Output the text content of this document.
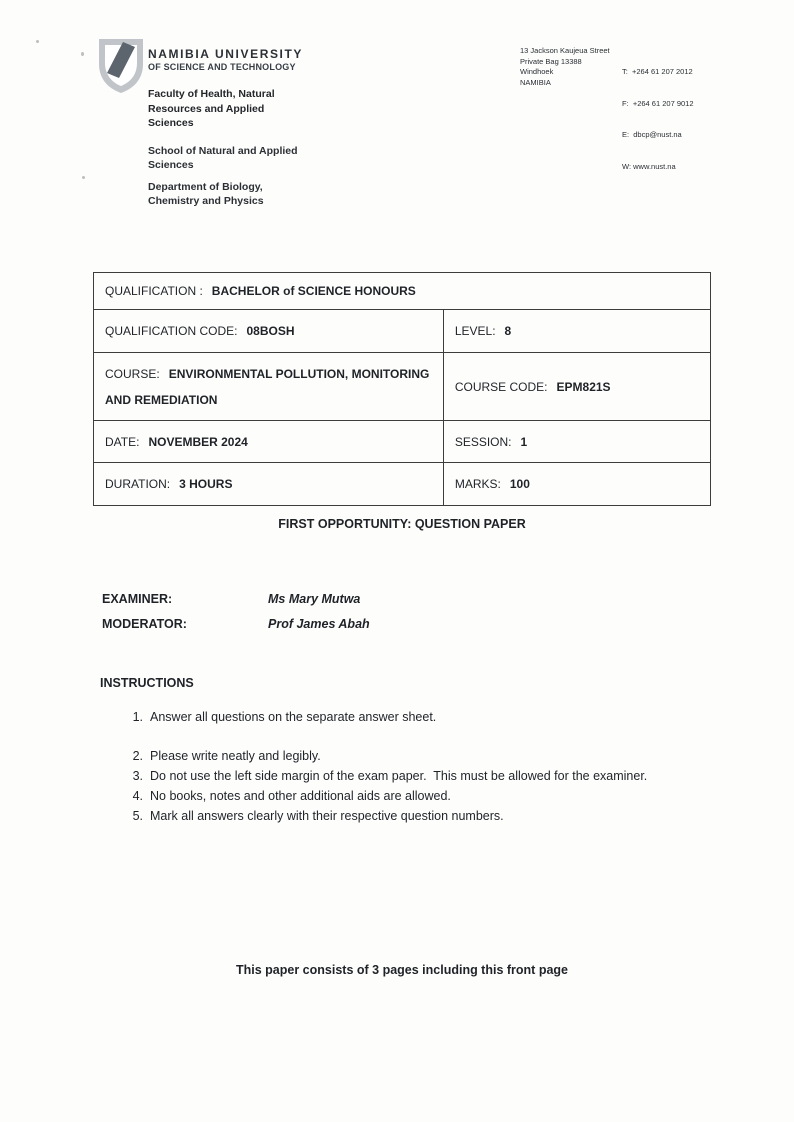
NAMIBIA UNIVERSITY
OF SCIENCE AND TECHNOLOGY
Faculty of Health, Natural Resources and Applied Sciences
School of Natural and Applied Sciences
Department of Biology, Chemistry and Physics
13 Jackson Kaujeua Street
Private Bag 13388
Windhoek
NAMIBIA

T:  +264 61 207 2012

F:  +264 61 207 9012

E:  dbcp@nust.na

W: www.nust.na

QUALIFICATION : BACHELOR of SCIENCE HONOURS	
QUALIFICATION CODE: 08BOSH	LEVEL: 8
COURSE: ENVIRONMENTAL POLLUTION, MONITORING AND REMEDIATION	COURSE CODE: EPM821S
DATE: NOVEMBER 2024	SESSION: 1
DURATION: 3 HOURS	MARKS: 100
FIRST OPPORTUNITY: QUESTION PAPER
EXAMINER:	Ms Mary Mutwa
MODERATOR:	Prof James Abah
INSTRUCTIONS
Answer all questions on the separate answer sheet.
Please write neatly and legibly.
Do not use the left side margin of the exam paper.  This must be allowed for the examiner.
No books, notes and other additional aids are allowed.
Mark all answers clearly with their respective question numbers.
This paper consists of 3 pages including this front page
